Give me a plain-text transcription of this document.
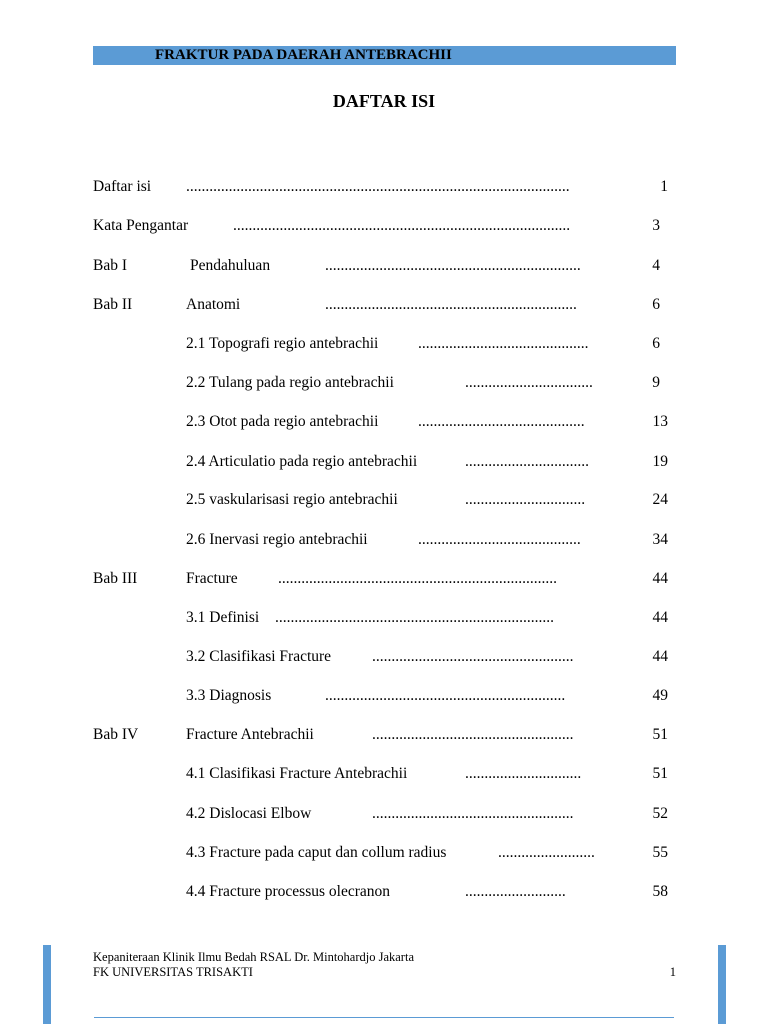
FRAKTUR PADA DAERAH ANTEBRACHII
DAFTAR ISI
Daftar isi ...................................................................................................	1
Kata Pengantar	.......................................................................................	3
Bab I	Pendahuluan	..................................................................	4
Bab II	Anatomi	.................................................................	6
2.1 Topografi regio antebrachii	............................................	6
2.2 Tulang pada regio antebrachii	.................................	9
2.3 Otot pada regio antebrachii	...........................................	13
2.4 Articulatio pada regio antebrachii	................................	19
2.5 vaskularisasi regio antebrachii	...............................	24
2.6 Inervasi regio antebrachii	..........................................	34
Bab III	Fracture	........................................................................	44
3.1 Definisi ........................................................................	44
3.2 Clasifikasi Fracture	....................................................	44
3.3 Diagnosis	..............................................................	49
Bab IV	Fracture Antebrachii	....................................................	51
4.1 Clasifikasi Fracture Antebrachii	..............................	51
4.2 Dislocasi Elbow	....................................................	52
4.3 Fracture pada caput dan collum radius	.........................	55
4.4 Fracture processus olecranon	..........................	58
Kepaniteraan Klinik Ilmu Bedah RSAL Dr. Mintohardjo Jakarta
FK UNIVERSITAS TRISAKTI	1
